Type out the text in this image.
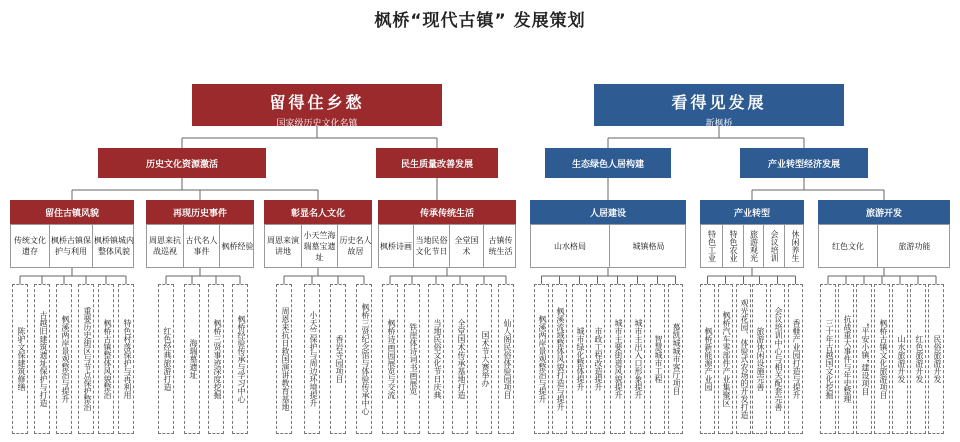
枫桥“现代古镇” 发展策划
留得住乡愁
国家级历史文化名镇
看得见发展
新枫桥
历史文化资源激活	民生质量改善发展	生态绿色人居构建	产业转型经济发展
留住古镇风貌	再现历史事件	彰显名人文化	传承传统生活	人居建设	产业转型	旅游开发
传统文化遗存
枫桥古镇保护与利用
枫桥镇城内整体风貌
周恩来抗战巡视
古代名人事件
枫桥经验
周恩来演讲地
小天竺海瑞墓宝遗址
历史名人故居
枫桥诗画
当地民俗文化节日
全堂国术
古镇传统生活
山水格局	城镇格局	特色工业	特色农业	旅游观光	会议培训	休闲养生	红色文化	旅游功能
陈驴文保建筑修缮	古越旧建筑遗址保护与打造	枫溪两岸景观整治与提升	重要历史街区与节点保护整治	枫桥古镇整体风貌整治	特色村落保护与再利用	红色经典旅游打造	海瑞墓遗址	枫桥三贤事迹深度挖掘	枫桥经验传承与学习中心	周恩来抗日救国演讲教育基地	小天竺保护与周边环境提升	香岩寺园项目	枫桥三贤纪念馆与体验传承中心	枫桥诗画园展览与交流	铁崖体诗词书画展览	当地民俗文化节日庆典	全堂国术传承基地打造	国术节大赛举办	仙人阁民俗体验园项目	枫溪两岸景观整治与提升	枫溪流域整体风貌打造与提升	城市绿化整体提升	市政工程改造提升	城市主要街道风貌提升	城市主出入口形象提升	智慧城市工程	慕凯城城市客厅项目	枫桥新能源产业园	枫桥汽车零部件产业集聚区	观光花园、体验式农场的开发打造 旅游休闲设施完善	会议培训中心与相关配套完善	香榧产业园打造与提升	三十年古越国文化挖掘	抗战重大事件与年史整理	“平安小镇”建设项目	枫桥古镇文化旅游项目	山水旅游开发	红色旅游开发	民俗旅游开发
